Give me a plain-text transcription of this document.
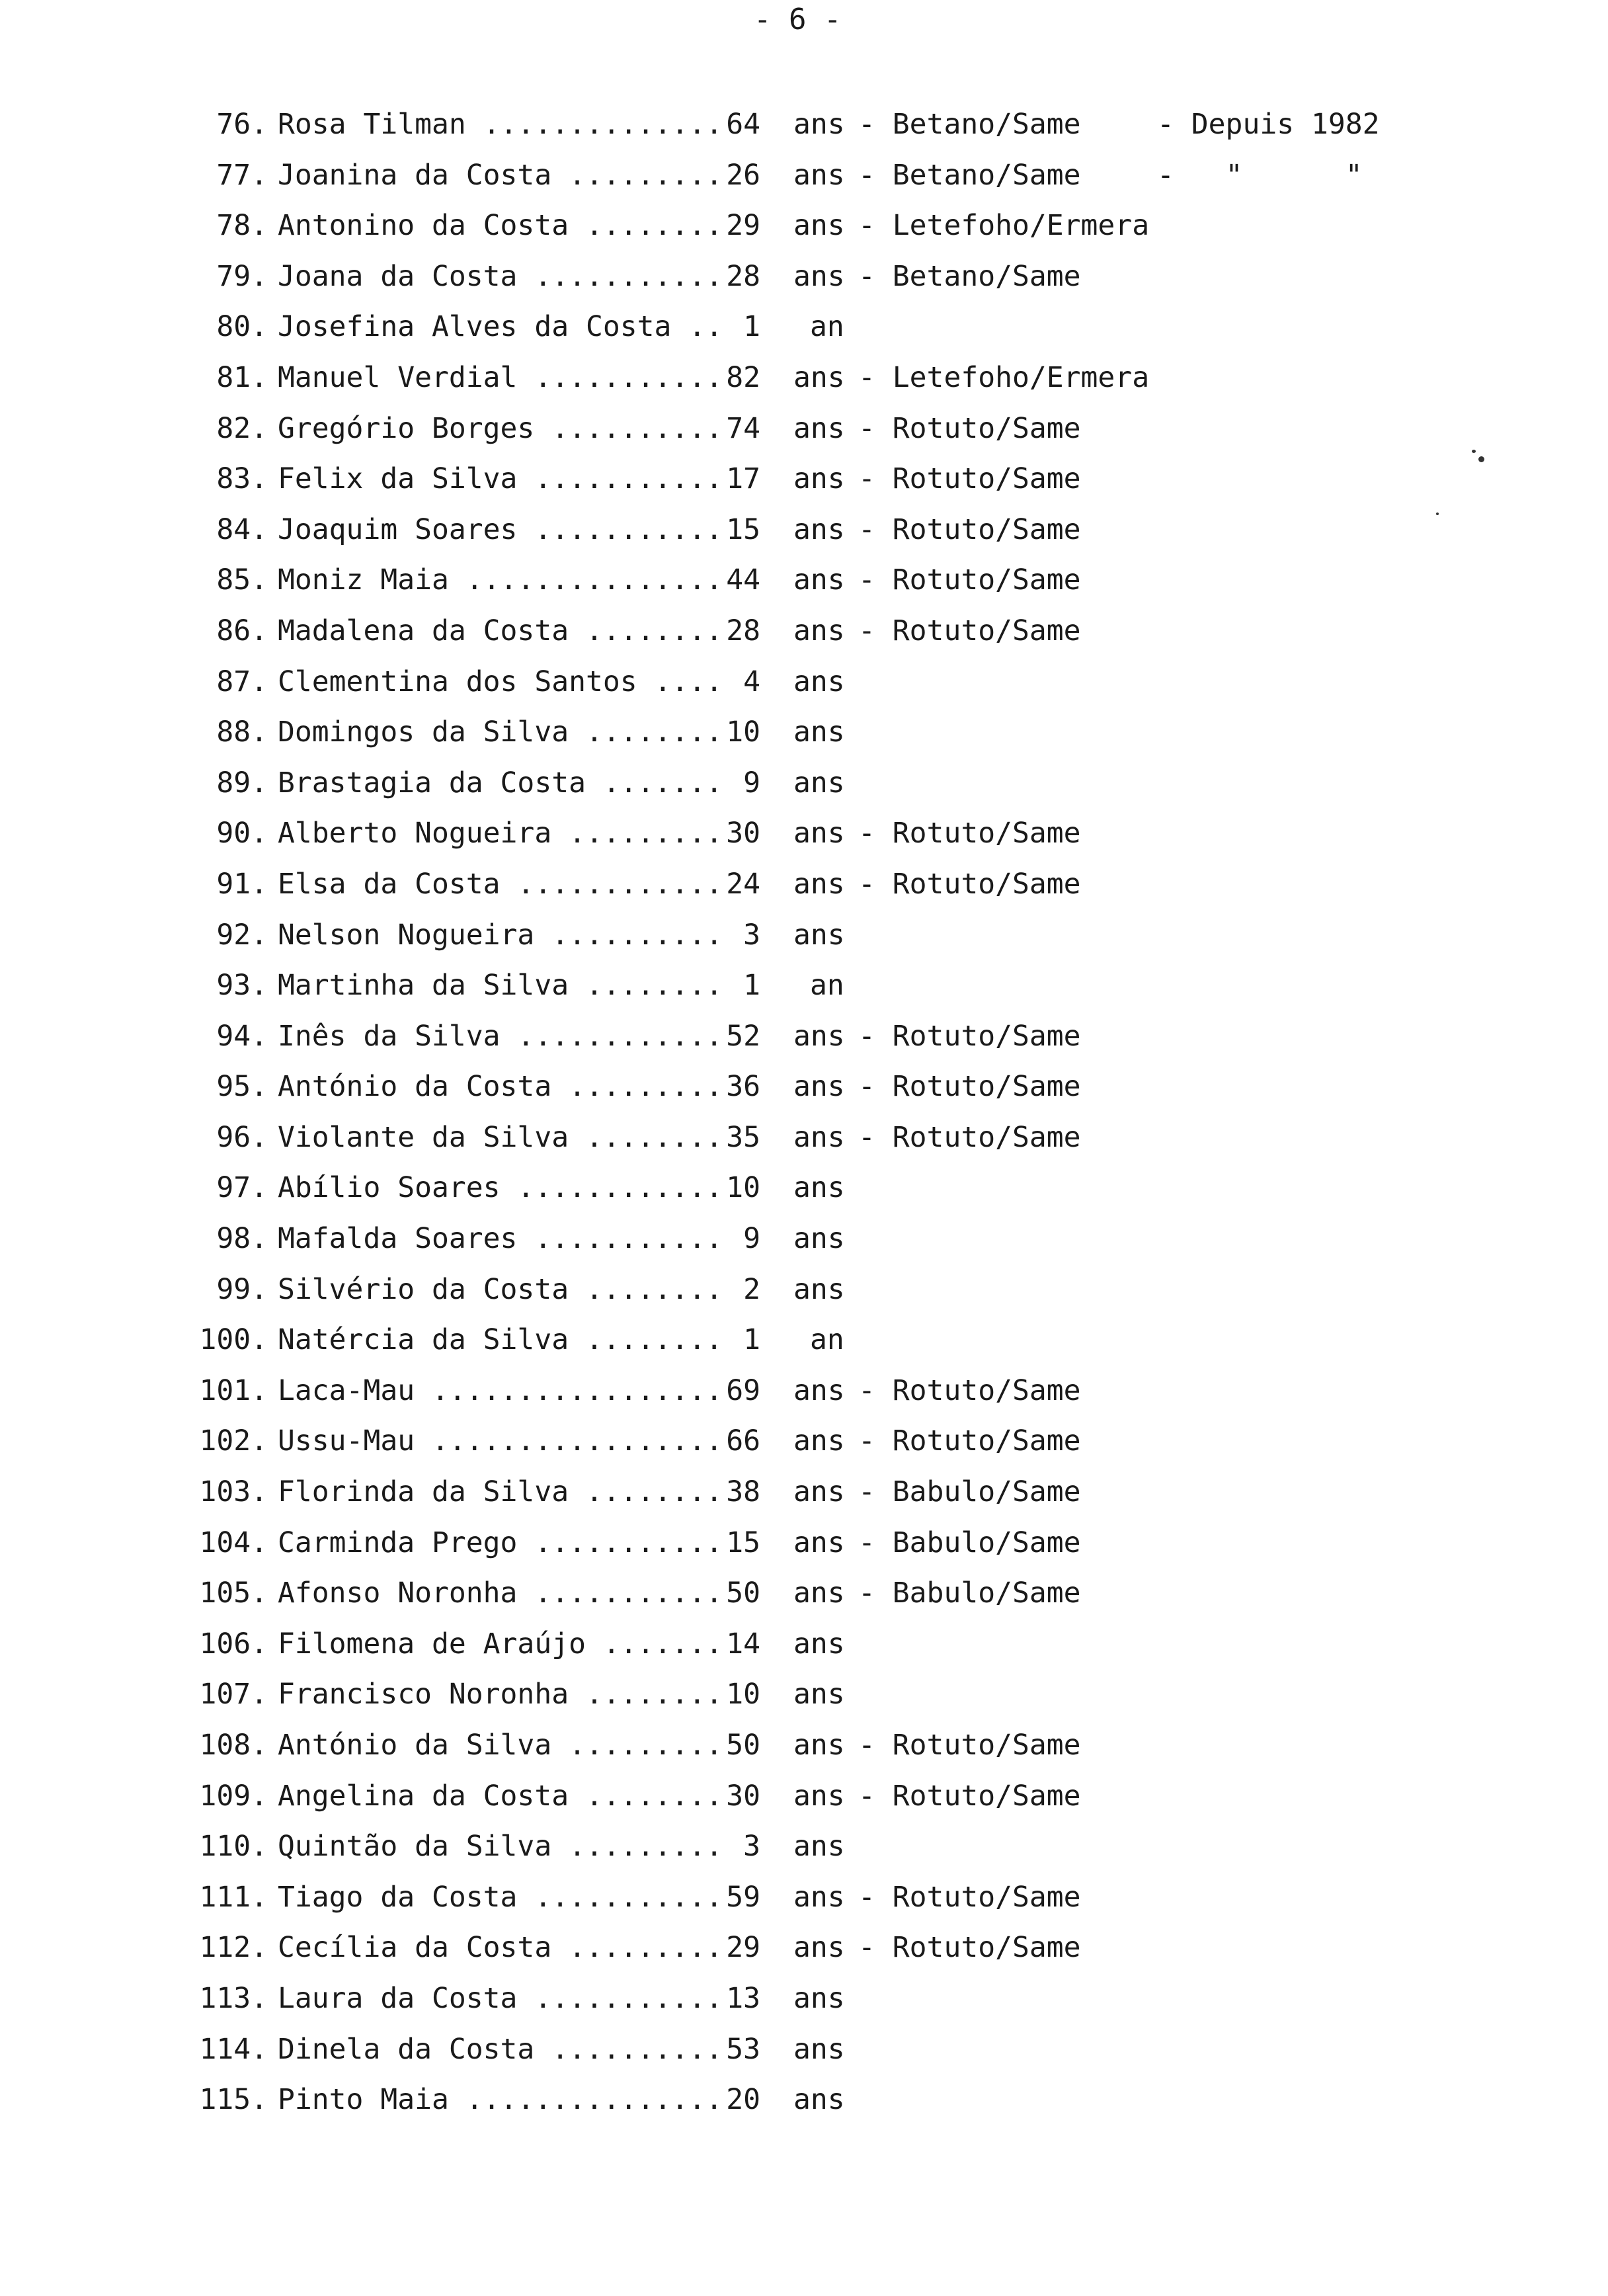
- 6 -
76. Rosa Tilman .............. 64 ans - Betano/Same	- Depuis 1982
77. Joanina da Costa ......... 26 ans - Betano/Same	-   "      "
78. Antonino da Costa ........ 29 ans - Letefoho/Ermera
79. Joana da Costa ........... 28 ans - Betano/Same
80. Josefina Alves da Costa .. 1 an
81. Manuel Verdial ........... 82 ans - Letefoho/Ermera
82. Gregório Borges .......... 74 ans - Rotuto/Same
83. Felix da Silva ........... 17 ans - Rotuto/Same
84. Joaquim Soares ........... 15 ans - Rotuto/Same
85. Moniz Maia ............... 44 ans - Rotuto/Same
86. Madalena da Costa ........ 28 ans - Rotuto/Same
87. Clementina dos Santos .... 4 ans
88. Domingos da Silva ........ 10 ans
89. Brastagia da Costa ....... 9 ans
90. Alberto Nogueira ......... 30 ans - Rotuto/Same
91. Elsa da Costa ............ 24 ans - Rotuto/Same
92. Nelson Nogueira .......... 3 ans
93. Martinha da Silva ........ 1 an
94. Inês da Silva ............ 52 ans - Rotuto/Same
95. António da Costa ......... 36 ans - Rotuto/Same
96. Violante da Silva ........ 35 ans - Rotuto/Same
97. Abílio Soares ............ 10 ans
98. Mafalda Soares ........... 9 ans
99. Silvério da Costa ........ 2 ans
100. Natércia da Silva ........ 1 an
101. Laca-Mau ................. 69 ans - Rotuto/Same
102. Ussu-Mau ................. 66 ans - Rotuto/Same
103. Florinda da Silva ........ 38 ans - Babulo/Same
104. Carminda Prego ........... 15 ans - Babulo/Same
105. Afonso Noronha ........... 50 ans - Babulo/Same
106. Filomena de Araújo ....... 14 ans
107. Francisco Noronha ........ 10 ans
108. António da Silva ......... 50 ans - Rotuto/Same
109. Angelina da Costa ........ 30 ans - Rotuto/Same
110. Quintão da Silva ......... 3 ans
111. Tiago da Costa ........... 59 ans - Rotuto/Same
112. Cecília da Costa ......... 29 ans - Rotuto/Same
113. Laura da Costa ........... 13 ans
114. Dinela da Costa .......... 53 ans
115. Pinto Maia ............... 20 ans
